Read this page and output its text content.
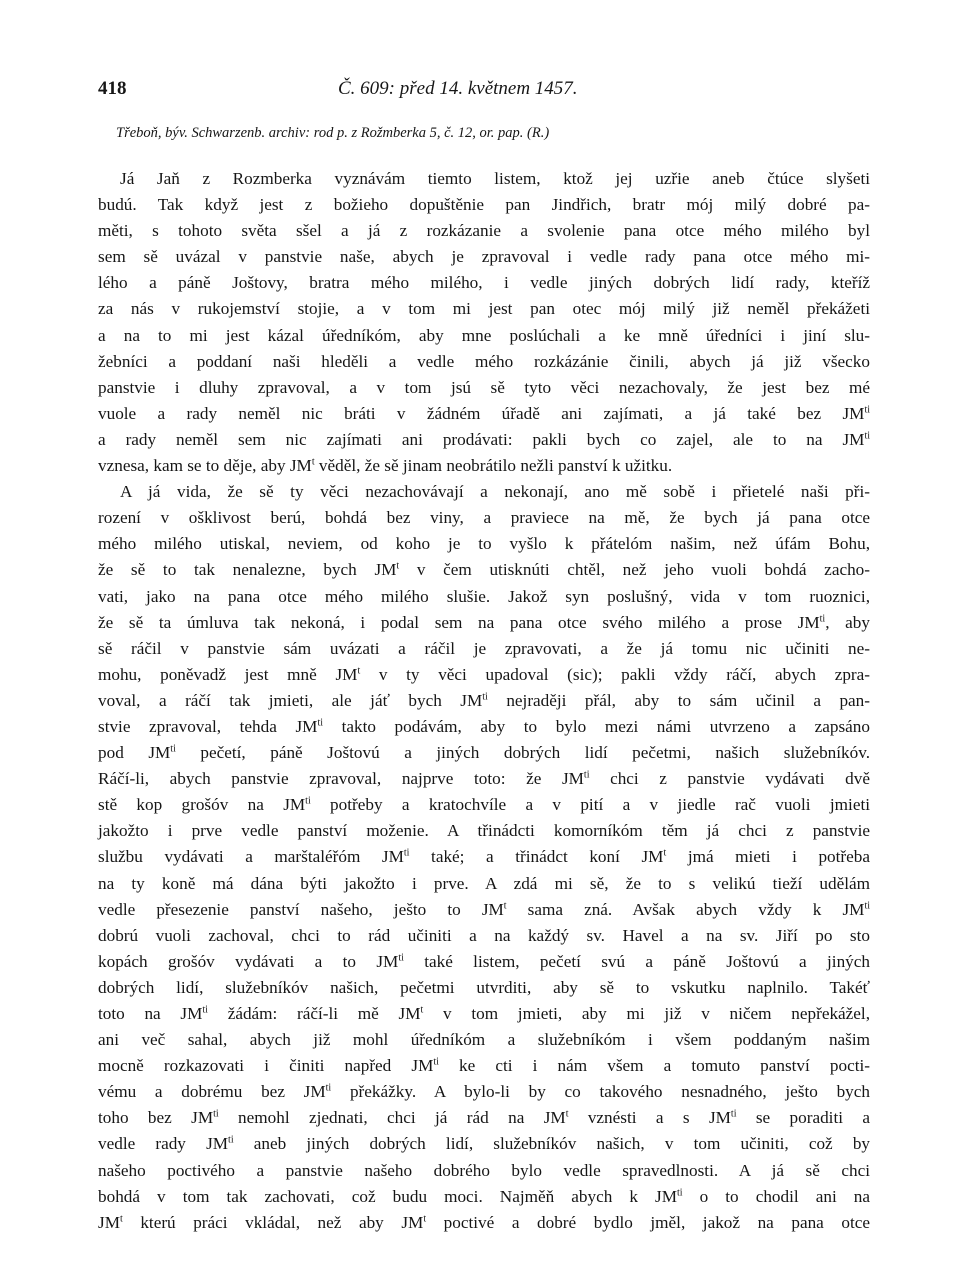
418	Č. 609: před 14. květnem 1457.
Třeboň, býv. Schwarzenb. archiv: rod p. z Rožmberka 5, č. 12, or. pap. (R.)
Já Jaň z Rozmberka vyznávám tiemto listem, ktož jej uzřie aneb čtúce slyšeti
budú. Tak když jest z božieho dopuštěnie pan Jindřich, bratr mój milý dobré pa-
měti, s tohoto světa sšel a já z rozkázanie a svolenie pana otce mého milého byl
sem sě uvázal v panstvie naše, abych je zpravoval i vedle rady pana otce mého mi-
lého a páně Joštovy, bratra mého milého, i vedle jiných dobrých lidí rady, kteříž
za nás v rukojemství stojie, a v tom mi jest pan otec mój milý již neměl překážeti
a na to mi jest kázal úředníkóm, aby mne poslúchali a ke mně úředníci i jiní slu-
žebníci a poddaní naši hleděli a vedle mého rozkázánie činili, abych já již všecko
panstvie i dluhy zpravoval, a v tom jsú sě tyto věci nezachovaly, že jest bez mé
vuole a rady neměl nic bráti v žádném úřadě ani zajímati, a já také bez $JM^{ti}$
a rady neměl sem nic zajímati ani prodávati: pakli bych co zajel, ale to na $JM^{ti}$
vznesa, kam se to děje, aby $JM^t$ věděl, že sě jinam neobrátilo nežli panství k užitku.
A já vida, že sě ty věci nezachovávají a nekonají, ano mě sobě i přietelé naši při-
rození v ošklivost berú, bohdá bez viny, a praviece na mě, že bych já pana otce
mého milého utiskal, neviem, od koho je to vyšlo k přátelóm našim, než úfám Bohu,
že sě to tak nenalezne, bych $JM^t$ v čem utisknúti chtěl, než jeho vuoli bohdá zacho-
vati, jako na pana otce mého milého slušie. Jakož syn poslušný, vida v tom ruoznici,
že sě ta úmluva tak nekoná, i podal sem na pana otce svého milého a prose $JM^{ti}$, aby
sě ráčil v panstvie sám uvázati a ráčil je zpravovati, a že já tomu nic učiniti ne-
mohu, poněvadž jest mně $JM^t$ v ty věci upadoval (sic); pakli vždy ráčí, abych zpra-
voval, a ráčí tak jmieti, ale jáť bych $JM^{ti}$ nejraději přál, aby to sám učinil a pan-
stvie zpravoval, tehda $JM^{ti}$ takto podávám, aby to bylo mezi námi utvrzeno a zapsáno
pod $JM^{ti}$ pečetí, páně Joštovú a jiných dobrých lidí pečetmi, našich služebníkóv.
Ráčí-li, abych panstvie zpravoval, najprve toto: že $JM^{ti}$ chci z panstvie vydávati dvě
stě kop grošóv na $JM^{ti}$ potřeby a kratochvíle a v pití a v jiedle rač vuoli jmieti
jakožto i prve vedle panství moženie. A třinádcti komorníkóm těm já chci z panstvie
službu vydávati a marštaléřóm $JM^{ti}$ také; a třinádct koní $JM^t$ jmá mieti i potřeba
na ty koně má dána býti jakožto i prve. A zdá mi sě, že to s velikú tieží udělám
vedle přesezenie panství našeho, ješto to $JM^t$ sama zná. Avšak abych vždy k $JM^{ti}$
dobrú vuoli zachoval, chci to rád učiniti a na každý sv. Havel a na sv. Jiří po sto
kopách grošóv vydávati a to $JM^{ti}$ také listem, pečetí svú a páně Joštovú a jiných
dobrých lidí, služebníkóv našich, pečetmi utvrditi, aby sě to vskutku naplnilo. Takéť
toto na $JM^{ti}$ žádám: ráčí-li mě $JM^t$ v tom jmieti, aby mi již v ničem nepřekážel,
ani več sahal, abych již mohl úředníkóm a služebníkóm i všem poddaným našim
mocně rozkazovati i činiti napřed $JM^{ti}$ ke cti i nám všem a tomuto panství pocti-
vému a dobrému bez $JM^{ti}$ překážky. A bylo-li by co takového nesnadného, ješto bych
toho bez $JM^{ti}$ nemohl zjednati, chci já rád na $JM^t$ vznésti a s $JM^{ti}$ se poraditi a
vedle rady $JM^{ti}$ aneb jiných dobrých lidí, služebníkóv našich, v tom učiniti, což by
našeho poctivého a panstvie našeho dobrého bylo vedle spravedlnosti. A já sě chci
bohdá v tom tak zachovati, což budu moci. Najměň abych k $JM^{ti}$ o to chodil ani na
$JM^t$ kterú práci vkládal, než aby $JM^t$ poctivé a dobré bydlo jměl, jakož na pana otce
